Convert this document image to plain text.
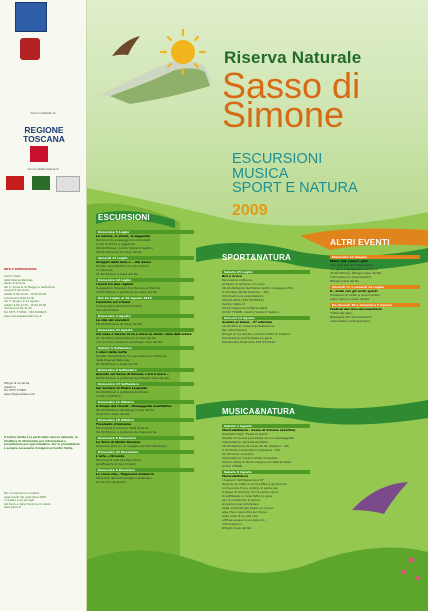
Con il contributo di
REGIONE
TOSCANA
Con la collaborazione di
INFO E PRENOTAZIONI
Centro Visita
della Riserva Naturale
Sasso di Simone
dal 1° Aprile al 31 Maggio e Settembre:
venerdì 9.00-12.00,
sabato 9.00-12.00 - 15.00-18.00
e domenica 9.00-12.30
dal 1° Giugno al 31 Agosto:
sabato 9.00-12.30 - 15.00-18.00
domenica 9.00-12.30
Tel. 0575 772842 - 339 5000625
www.riservesassodisimone.it
Rifugio di Ca del Re
(Sestino)
Tel. 0575 772807
www.rifugiocadelre.com
Il Centro Visita è la porta della riserva naturale, la struttura di riferimento per informazioni e prenotazioni per ogni iniziativa. Per le prenotazioni è sempre necessario rivolgersi al Centro Visita.
Per il programma completo
degli eventi del calendario 2009
in questo e nei siti web
del Parco e della Provincia di Arezzo
www.parks.it
Riserva Naturale
Sasso di
Simone
ESCURSIONI
MUSICA
SPORT E NATURA
2009
ESCURSIONI
Domenica 5 Luglio
La natura, la storia, le leggende
Percorso tra paesaggi incontaminati,
ricchi di storia e leggende
09.00 Ritrovo: Centro Visita di Sestino
08.45 Partenza da Casa del Re
Venerdì 17 Luglio
Stregati dalla luna e ...dal Sasso
Serata naturalistica con escursione
in notturna
21.00 Ritrovo a Casa del Re
Domenica 19 Luglio
I Sassi tra due regioni
Suggestivo itinerario tra Toscana e Marche
18.00 Ritrovo e partenza da Casa del Re
Dal 24 Luglio al 30 Agosto 2010
Cammino sul crinale
Cinque appuntamenti sull'arte
del camminare
Domenica 2 Agosto
La vita dei cavalieri
08.00 Partenza da Casa del Re
Domenica 23 Agosto
Col naso e tasche in su a mirar le stelle: cielo dell'estate
21.30 Infine osservazione a Casa del Re
con piccola collezione al Rifugio casa del Re
Sabato 5 Settembre
I colori della notte
Serata naturalistica con escursione in notturna
nella Riserva Naturale
21.00 Ritrovo a Casa del Re
Domenica 6 Settembre
Quando sul Sasso di Simone c'era il mare...
09.30 Ritrovo e partenza dal Rifugio Casa del Re
Domenica 13 Settembre
Sui sentieri di Pietro Leopoldo
09.00 Ritrovo e partenza dal Pozzo
di San Cristoforo
Domenica 11 Ottobre
Il tempo dei ricordi - Passeggiata meditativa
09.30 Partenza dal Rifugio Casa del Re
Itinerario: Casa del Re
Domenica 18 Ottobre
Foveluzzo d'Autunno
Escursione tra boschi della Riserva
09.30 Ritrovo e partenza da Casa del Re
Domenica 8 Novembre
La Terra di Monte Rosseso
Itinerario storico: un viaggio nell'Alto Medioevo
Domenica 22 Novembre
L'arte...ritrovata
Escursione sull'arte figurativa:
gli affreschi di San Donato
Domenica 6 Dicembre
Le rocce che...fingevano d'azzurro
Itinerario dell'archeologia industriale:
le macine da guado
SPORT&NATURA
Sabato 25 Luglio
Bici e bruco
Escursione notturna
al Sasso di Simone con cena
16.00 Partenza da Piazza Centro Carpegna (PU)
e da Casa del Re (Sestino - AR)
Informazioni e prenotazioni:
Alberto Brizi (333 6078019),
Centro Visita di
Ponte Cappuccini-Pietrarubbia
(0722 75508), Centro Visita di Sestino
Giovedì 13 Agosto
Scalata al Sasso – 6ª edizione
16.00 Ritrovo della manifestazione
Per informazioni:
Rifugio di Ca del Re e Centro Visita di Sestino.
Prenotazioni partecipazione gara:
Polisportiva Pollicione 339 5774511
MUSICA&NATURA
Sabato 1 Agosto
Musica&Natura - Sasso di Simone (Sestino)
Quartetto Klan "Festa in piano"
Serata di musica preceduta da una passeggiata
naturalistica nell'area protetta.
16.00 Partenza da Casa del Re (Sestino - AR)
e da Pozzo Cantoniera (Carpegna - PU)
21.00 Inizio concerto
Informazioni: Centro Visita di Sestino,
Centro Visita di Ponte Cappuccini-Pietrarubbia
(0722 75508)
Sabato 8 Agosto
Musica&Natura
I Sussurri dell'Appennino III°
Quando la notte è ancora fitta e gli animali
si muovono fra le ombre, si parte per
il Sasso di Simone con le pietre carico
di sottilieste e corsa fatta in pace
per la colazione. Si arriva
al pianoro per ammirare
dalla sommità del Sasso un nuovo
sole che si specchia sul mare...
sulle note di un sax che
soffuse sussurra sul pianoro...
Informazioni:
Rifugio Casa del Re
ALTRI EVENTI
Domenica 14 Giugno
Mare..noi..come?..gne
Una giornata all'orienteering
con gare a gruppi per i bambini
15.00 Ritrovo: Rifugio Casa del Re
Informazioni e prenotazioni:
Rifugio Casa del Re
Venerdì 17 e venerdì 24 Luglio
E...state con gli occhi aperti
Proiezioni di video e documentari
sulla natura a Casa del Re
Da Giovedì 30 a domenica 2 Agosto
Festival del cine-documentario
"Città del sale"
Rassegna del documentario
naturalistico-antropologico
